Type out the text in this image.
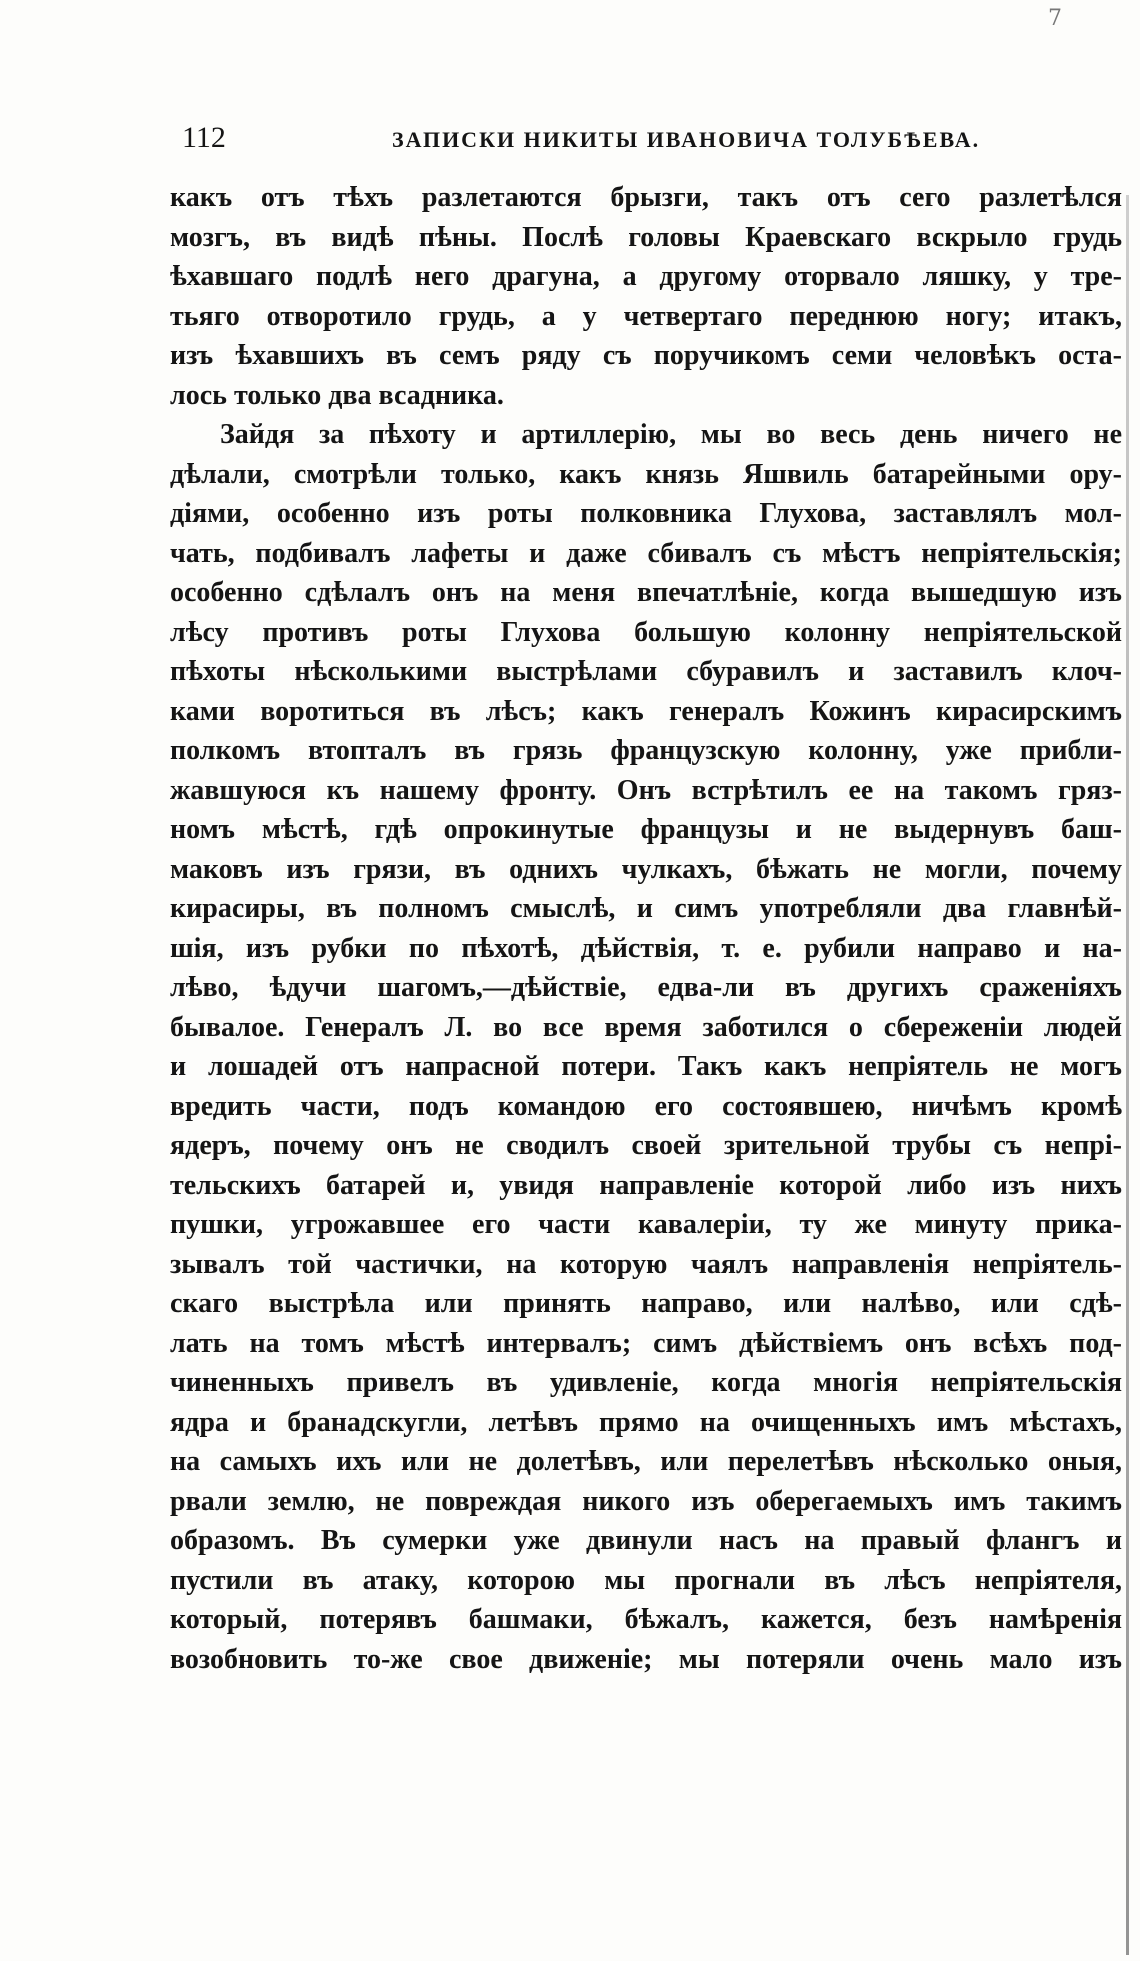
7
112	ЗАПИСКИ НИКИТЫ ИВАНОВИЧА ТОЛУБѢЕВА.
какъ отъ тѣхъ разлетаются брызги, такъ отъ сего разлетѣлся
мозгъ, въ видѣ пѣны. Послѣ головы Краевскаго вскрыло грудь
ѣхавшаго подлѣ него драгуна, а другому оторвало ляшку, у тре-
тьяго отворотило грудь, а у четвертаго переднюю ногу; итакъ,
изъ ѣхавшихъ въ семъ ряду съ поручикомъ семи человѣкъ оста-
лось только два всадника.
Зайдя за пѣхоту и артиллерію, мы во весь день ничего не
дѣлали, смотрѣли только, какъ князь Яшвиль батарейными ору-
діями, особенно изъ роты полковника Глухова, заставлялъ мол-
чать, подбивалъ лафеты и даже сбивалъ съ мѣстъ непріятельскія;
особенно сдѣлалъ онъ на меня впечатлѣніе, когда вышедшую изъ
лѣсу противъ роты Глухова большую колонну непріятельской
пѣхоты нѣсколькими выстрѣлами сбуравилъ и заставилъ клоч-
ками воротиться въ лѣсъ; какъ генералъ Кожинъ кирасирскимъ
полкомъ втопталъ въ грязь французскую колонну, уже прибли-
жавшуюся къ нашему фронту. Онъ встрѣтилъ ее на такомъ гряз-
номъ мѣстѣ, гдѣ опрокинутые французы и не выдернувъ баш-
маковъ изъ грязи, въ однихъ чулкахъ, бѣжать не могли, почему
кирасиры, въ полномъ смыслѣ, и симъ употребляли два главнѣй-
шія, изъ рубки по пѣхотѣ, дѣйствія, т. е. рубили направо и на-
лѣво, ѣдучи шагомъ,—дѣйствіе, едва-ли въ другихъ сраженіяхъ
бывалое. Генералъ Л. во все время заботился о сбереженіи людей
и лошадей отъ напрасной потери. Такъ какъ непріятель не могъ
вредить части, подъ командою его состоявшею, ничѣмъ кромѣ
ядеръ, почему онъ не сводилъ своей зрительной трубы съ непрі-
тельскихъ батарей и, увидя направленіе которой либо изъ нихъ
пушки, угрожавшее его части кавалеріи, ту же минуту прика-
зывалъ той частички, на которую чаялъ направленія непріятель-
скаго выстрѣла или принять направо, или налѣво, или сдѣ-
лать на томъ мѣстѣ интервалъ; симъ дѣйствіемъ онъ всѣхъ под-
чиненныхъ привелъ въ удивленіе, когда многія непріятельскія
ядра и бранадскугли, летѣвъ прямо на очищенныхъ имъ мѣстахъ,
на самыхъ ихъ или не долетѣвъ, или перелетѣвъ нѣсколько оныя,
рвали землю, не повреждая никого изъ оберегаемыхъ имъ такимъ
образомъ. Въ сумерки уже двинули насъ на правый флангъ и
пустили въ атаку, которою мы прогнали въ лѣсъ непріятеля,
который, потерявъ башмаки, бѣжалъ, кажется, безъ намѣренія
возобновить то-же свое движеніе; мы потеряли очень мало изъ
